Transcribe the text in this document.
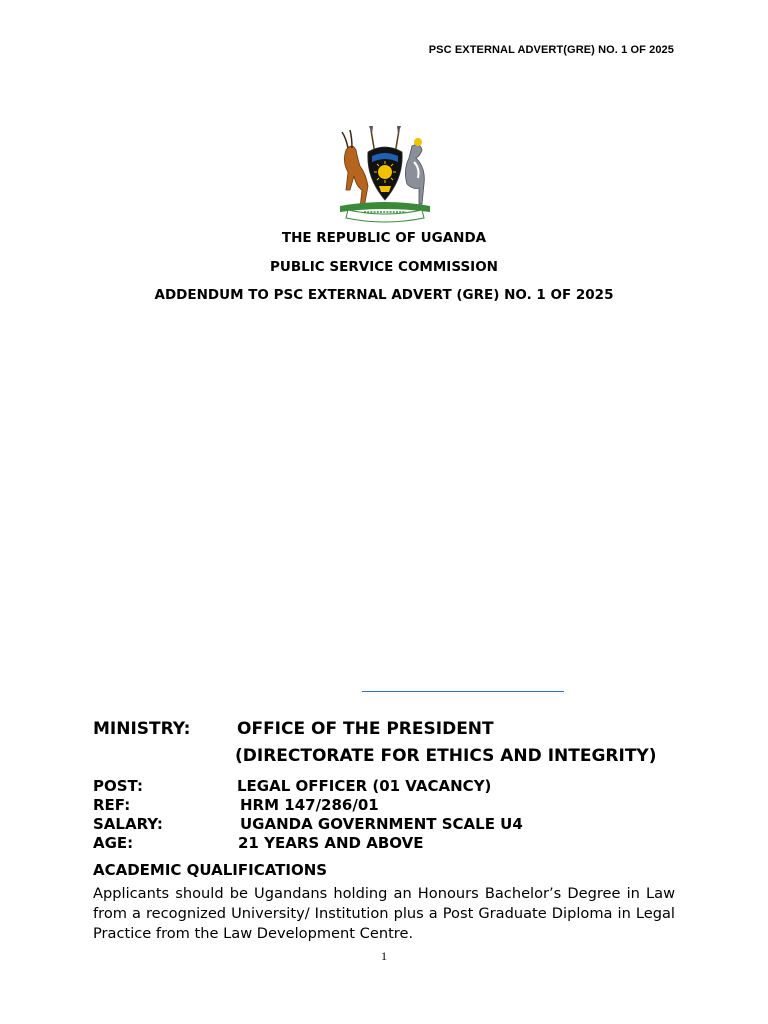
PSC EXTERNAL ADVERT(GRE) NO. 1 OF 2025
THE REPUBLIC OF UGANDA
PUBLIC SERVICE COMMISSION
ADDENDUM TO PSC EXTERNAL ADVERT (GRE) NO. 1 OF 2025
MINISTRY:	OFFICE OF THE PRESIDENT
(DIRECTORATE FOR ETHICS AND INTEGRITY)
POST:	LEGAL OFFICER (01 VACANCY)
REF:	HRM 147/286/01
SALARY:	UGANDA GOVERNMENT SCALE U4
AGE:	21 YEARS AND ABOVE
ACADEMIC QUALIFICATIONS
Applicants should be Ugandans holding an Honours Bachelor’s Degree in Law from a recognized University/ Institution plus a Post Graduate Diploma in Legal Practice from the Law Development Centre.
1
